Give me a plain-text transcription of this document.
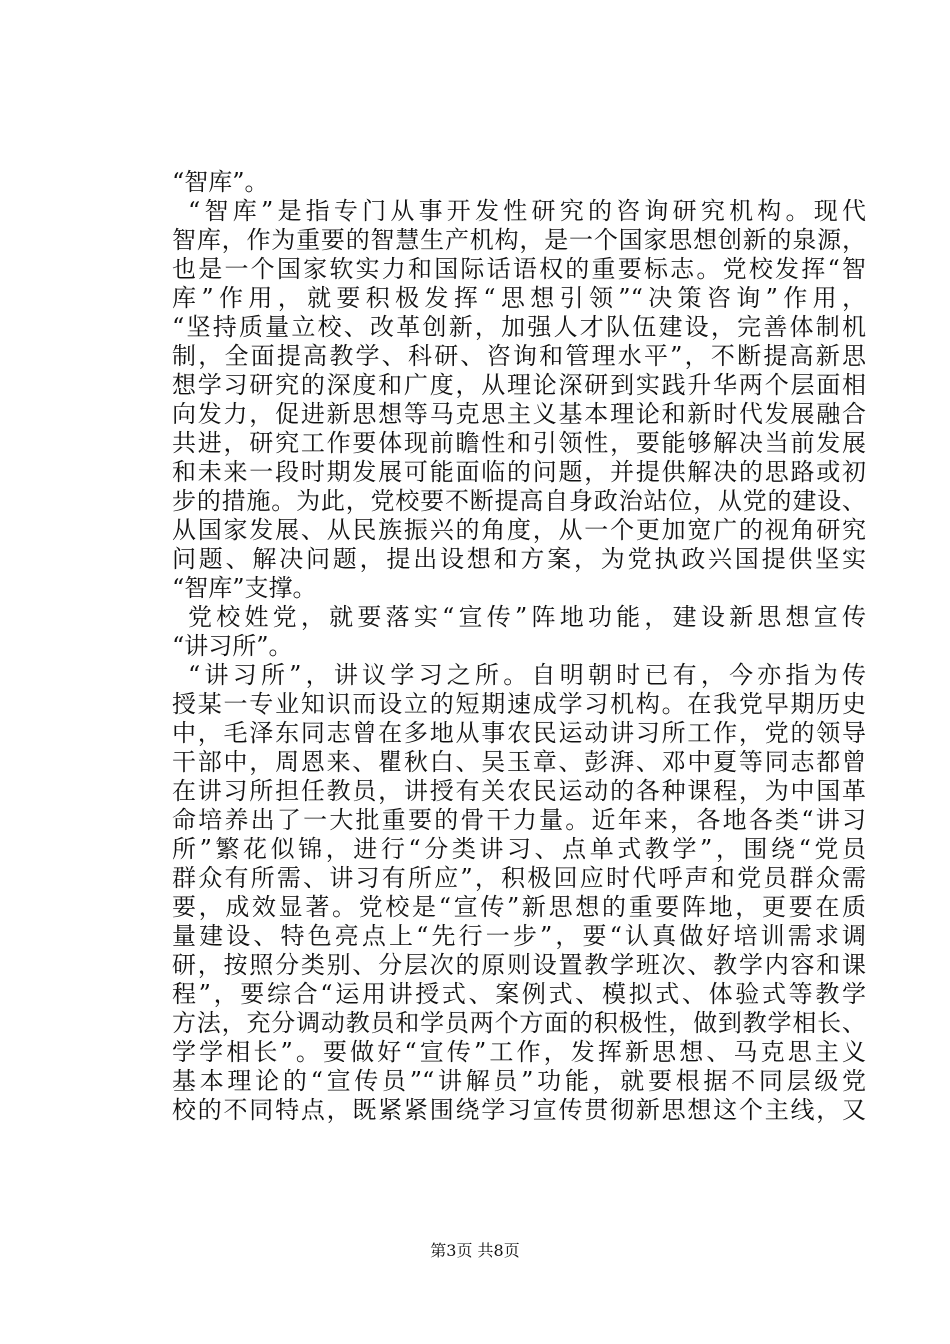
“智库”。
“智库”是指专门从事开发性研究的咨询研究机构。现代
智库，作为重要的智慧生产机构，是一个国家思想创新的泉源，
也是一个国家软实力和国际话语权的重要标志。党校发挥“智
库”作用，就要积极发挥“思想引领”“决策咨询”作用，
“坚持质量立校、改革创新，加强人才队伍建设，完善体制机
制，全面提高教学、科研、咨询和管理水平”，不断提高新思
想学习研究的深度和广度，从理论深研到实践升华两个层面相
向发力，促进新思想等马克思主义基本理论和新时代发展融合
共进，研究工作要体现前瞻性和引领性，要能够解决当前发展
和未来一段时期发展可能面临的问题，并提供解决的思路或初
步的措施。为此，党校要不断提高自身政治站位，从党的建设、
从国家发展、从民族振兴的角度，从一个更加宽广的视角研究
问题、解决问题，提出设想和方案，为党执政兴国提供坚实
“智库”支撑。
党校姓党，就要落实“宣传”阵地功能，建设新思想宣传
“讲习所”。
“讲习所”，讲议学习之所。自明朝时已有，今亦指为传
授某一专业知识而设立的短期速成学习机构。在我党早期历史
中，毛泽东同志曾在多地从事农民运动讲习所工作，党的领导
干部中，周恩来、瞿秋白、吴玉章、彭湃、邓中夏等同志都曾
在讲习所担任教员，讲授有关农民运动的各种课程，为中国革
命培养出了一大批重要的骨干力量。近年来，各地各类“讲习
所”繁花似锦，进行“分类讲习、点单式教学”，围绕“党员
群众有所需、讲习有所应”，积极回应时代呼声和党员群众需
要，成效显著。党校是“宣传”新思想的重要阵地，更要在质
量建设、特色亮点上“先行一步”，要“认真做好培训需求调
研，按照分类别、分层次的原则设置教学班次、教学内容和课
程”，要综合“运用讲授式、案例式、模拟式、体验式等教学
方法，充分调动教员和学员两个方面的积极性，做到教学相长、
学学相长”。要做好“宣传”工作，发挥新思想、马克思主义
基本理论的“宣传员”“讲解员”功能，就要根据不同层级党
校的不同特点，既紧紧围绕学习宣传贯彻新思想这个主线，又
第3页 共8页
